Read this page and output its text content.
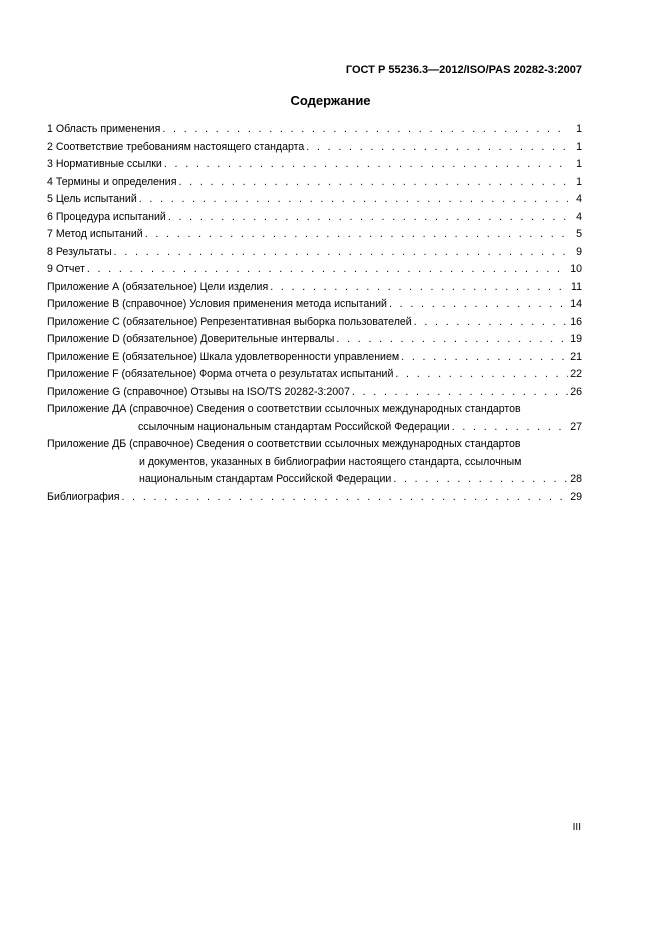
ГОСТ Р 55236.3—2012/ISO/PAS 20282-3:2007
Содержание
1 Область применения . . .	1
2 Соответствие требованиям настоящего стандарта . . .	1
3 Нормативные ссылки . . .	1
4 Термины и определения . . .	1
5 Цель испытаний . . .	4
6 Процедура испытаний . . .	4
7 Метод испытаний . . .	5
8 Результаты . . .	9
9 Отчет . . .	10
Приложение А (обязательное) Цели изделия . . .	11
Приложение В (справочное) Условия применения метода испытаний . . .	14
Приложение С (обязательное) Репрезентативная выборка пользователей . . .	16
Приложение D (обязательное) Доверительные интервалы . . .	19
Приложение Е (обязательное) Шкала удовлетворенности управлением . . .	21
Приложение F (обязательное) Форма отчета о результатах испытаний . . .	22
Приложение G (справочное) Отзывы на ISO/TS 20282-3:2007 . . .	26
Приложение ДА (справочное) Сведения о соответствии ссылочных международных стандартов
ссылочным национальным стандартам Российской Федерации . . .	27
Приложение ДБ (справочное) Сведения о соответствии ссылочных международных стандартов
и документов, указанных в библиографии настоящего стандарта, ссылочным
национальным стандартам Российской Федерации . . .	28
Библиография . . .	29
III
